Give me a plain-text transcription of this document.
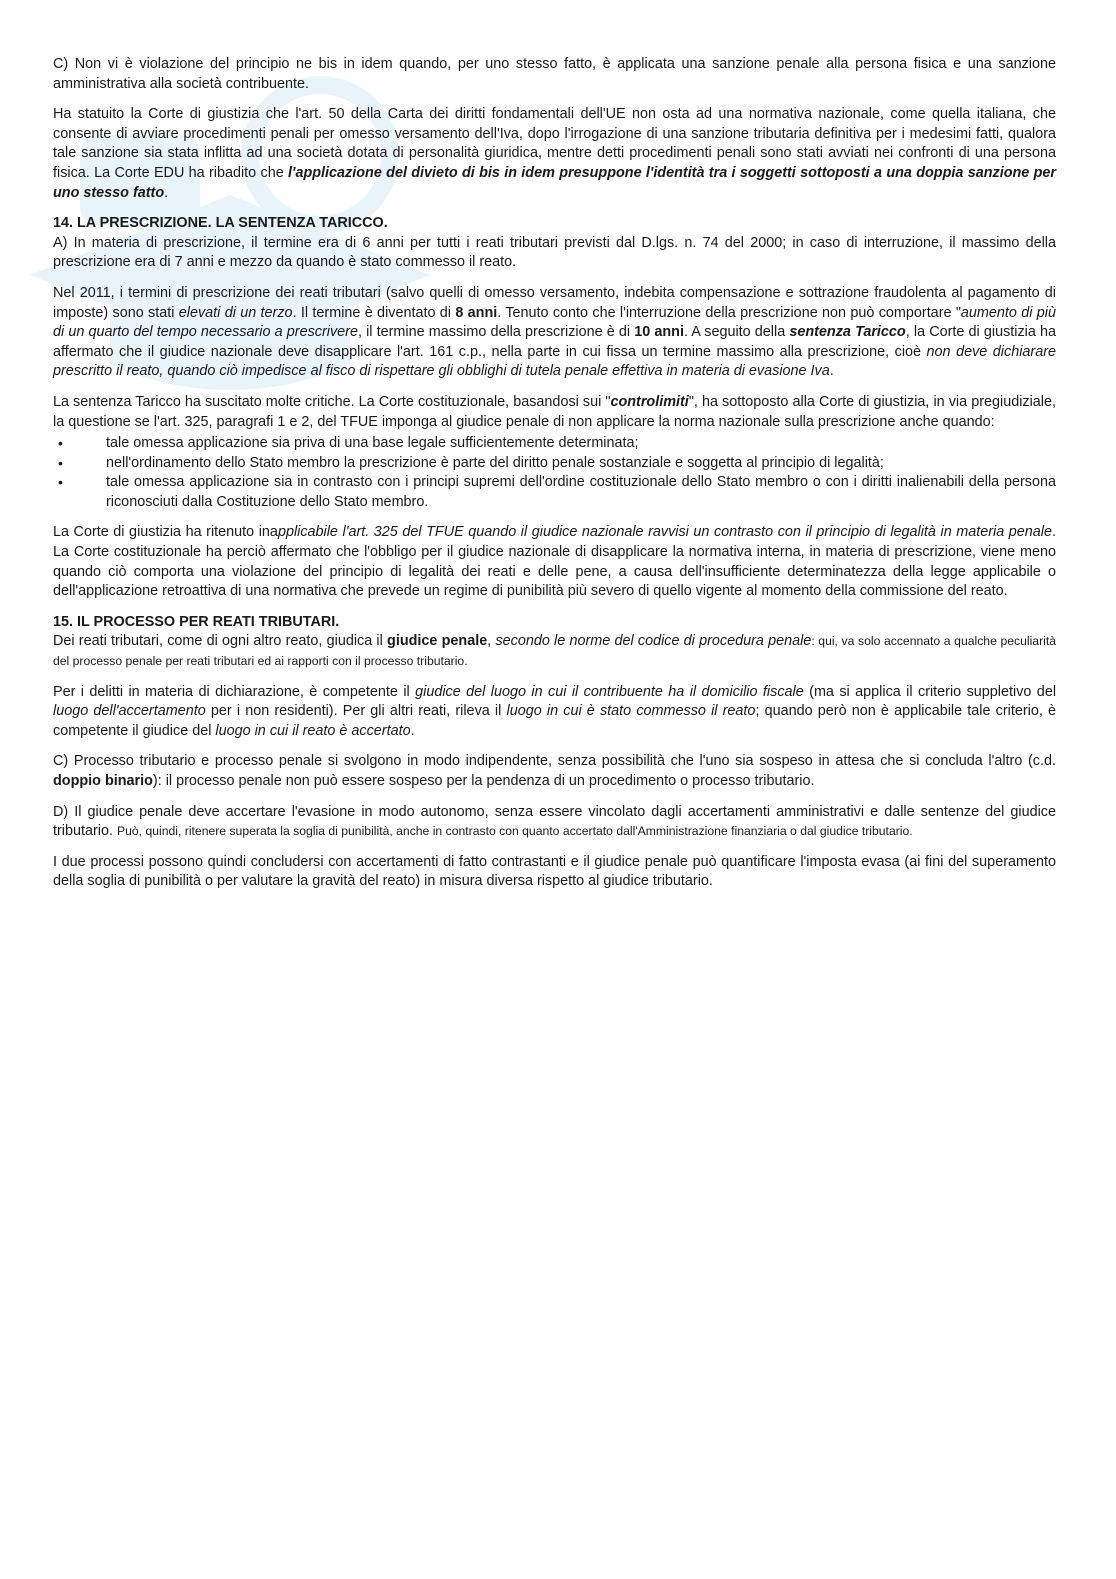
C) Non vi è violazione del principio ne bis in idem quando, per uno stesso fatto, è applicata una sanzione penale alla persona fisica e una sanzione amministrativa alla società contribuente.

Ha statuito la Corte di giustizia che l'art. 50 della Carta dei diritti fondamentali dell'UE non osta ad una normativa nazionale, come quella italiana, che consente di avviare procedimenti penali per omesso versamento dell'Iva, dopo l'irrogazione di una sanzione tributaria definitiva per i medesimi fatti, qualora tale sanzione sia stata inflitta ad una società dotata di personalità giuridica, mentre detti procedimenti penali sono stati avviati nei confronti di una persona fisica. La Corte EDU ha ribadito che l'applicazione del divieto di bis in idem presuppone l'identità tra i soggetti sottoposti a una doppia sanzione per uno stesso fatto.

14. LA PRESCRIZIONE. LA SENTENZA TARICCO.

A) In materia di prescrizione, il termine era di 6 anni per tutti i reati tributari previsti dal D.lgs. n. 74 del 2000; in caso di interruzione, il massimo della prescrizione era di 7 anni e mezzo da quando è stato commesso il reato.

Nel 2011, i termini di prescrizione dei reati tributari (salvo quelli di omesso versamento, indebita compensazione e sottrazione fraudolenta al pagamento di imposte) sono stati elevati di un terzo. Il termine è diventato di 8 anni. Tenuto conto che l'interruzione della prescrizione non può comportare "aumento di più di un quarto del tempo necessario a prescrivere, il termine massimo della prescrizione è di 10 anni. A seguito della sentenza Taricco, la Corte di giustizia ha affermato che il giudice nazionale deve disapplicare l'art. 161 c.p., nella parte in cui fissa un termine massimo alla prescrizione, cioè non deve dichiarare prescritto il reato, quando ciò impedisce al fisco di rispettare gli obblighi di tutela penale effettiva in materia di evasione Iva.

La sentenza Taricco ha suscitato molte critiche. La Corte costituzionale, basandosi sui "controlimiti", ha sottoposto alla Corte di giustizia, in via pregiudiziale, la questione se l'art. 325, paragrafi 1 e 2, del TFUE imponga al giudice penale di non applicare la norma nazionale sulla prescrizione anche quando:

•	tale omessa applicazione sia priva di una base legale sufficientemente determinata;
•	nell'ordinamento dello Stato membro la prescrizione è parte del diritto penale sostanziale e soggetta al principio di legalità;
•	tale omessa applicazione sia in contrasto con i principi supremi dell'ordine costituzionale dello Stato membro o con i diritti inalienabili della persona riconosciuti dalla Costituzione dello Stato membro.

La Corte di giustizia ha ritenuto inapplicabile l'art. 325 del TFUE quando il giudice nazionale ravvisi un contrasto con il principio di legalità in materia penale. La Corte costituzionale ha perciò affermato che l'obbligo per il giudice nazionale di disapplicare la normativa interna, in materia di prescrizione, viene meno quando ciò comporta una violazione del principio di legalità dei reati e delle pene, a causa dell'insufficiente determinatezza della legge applicabile o dell'applicazione retroattiva di una normativa che prevede un regime di punibilità più severo di quello vigente al momento della commissione del reato.

15. IL PROCESSO PER REATI TRIBUTARI.

Dei reati tributari, come di ogni altro reato, giudica il giudice penale, secondo le norme del codice di procedura penale: qui, va solo accennato a qualche peculiarità del processo penale per reati tributari ed ai rapporti con il processo tributario.

Per i delitti in materia di dichiarazione, è competente il giudice del luogo in cui il contribuente ha il domicilio fiscale (ma si applica il criterio suppletivo del luogo dell'accertamento per i non residenti). Per gli altri reati, rileva il luogo in cui è stato commesso il reato; quando però non è applicabile tale criterio, è competente il giudice del luogo in cui il reato è accertato.

C) Processo tributario e processo penale si svolgono in modo indipendente, senza possibilità che l'uno sia sospeso in attesa che si concluda l'altro (c.d. doppio binario): il processo penale non può essere sospeso per la pendenza di un procedimento o processo tributario.

D) Il giudice penale deve accertare l'evasione in modo autonomo, senza essere vincolato dagli accertamenti amministrativi e dalle sentenze del giudice tributario. Può, quindi, ritenere superata la soglia di punibilità, anche in contrasto con quanto accertato dall'Amministrazione finanziaria o dal giudice tributario.

I due processi possono quindi concludersi con accertamenti di fatto contrastanti e il giudice penale può quantificare l'imposta evasa (ai fini del superamento della soglia di punibilità o per valutare la gravità del reato) in misura diversa rispetto al giudice tributario.
